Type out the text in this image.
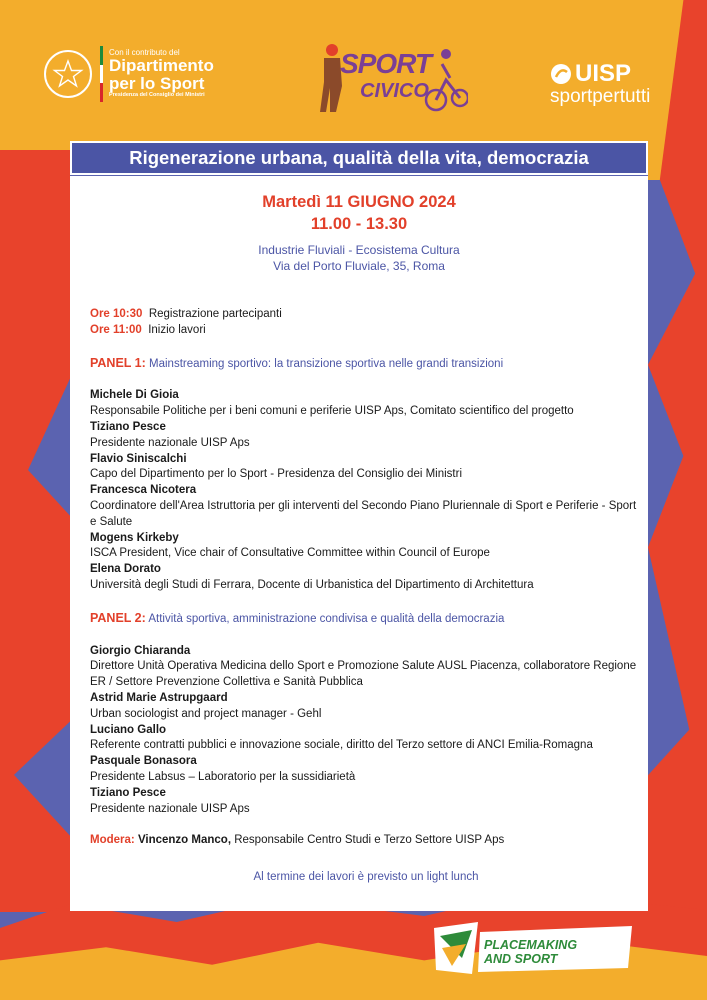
Con il contributo del
Dipartimento
per lo Sport
Presidenza del Consiglio dei Ministri
SPORT
CIVICO
UISP
sportpertutti
Rigenerazione urbana, qualità della vita, democrazia
Martedì 11 GIUGNO 2024
11.00 - 13.30
Industrie Fluviali - Ecosistema Cultura
Via del Porto Fluviale, 35, Roma
Ore 10:30 Registrazione partecipanti
Ore 11:00 Inizio lavori
PANEL 1: Mainstreaming sportivo: la transizione sportiva nelle grandi transizioni
Michele Di Gioia
Responsabile Politiche per i beni comuni e periferie UISP Aps, Comitato scientifico del progetto
Tiziano Pesce
Presidente nazionale UISP Aps
Flavio Siniscalchi
Capo del Dipartimento per lo Sport - Presidenza del Consiglio dei Ministri
Francesca Nicotera
Coordinatore dell'Area Istruttoria per gli interventi del Secondo Piano Pluriennale di Sport e Periferie - Sport e Salute
Mogens Kirkeby
ISCA President, Vice chair of Consultative Committee within Council of Europe
Elena Dorato
Università degli Studi di Ferrara, Docente di Urbanistica del Dipartimento di Architettura
PANEL 2: Attività sportiva, amministrazione condivisa e qualità della democrazia
Giorgio Chiaranda
Direttore Unità Operativa Medicina dello Sport e Promozione Salute AUSL Piacenza, collaboratore Regione ER / Settore Prevenzione Collettiva e Sanità Pubblica
Astrid Marie Astrupgaard
Urban sociologist and project manager - Gehl
Luciano Gallo
Referente contratti pubblici e innovazione sociale, diritto del Terzo settore di ANCI Emilia-Romagna
Pasquale Bonasora
Presidente Labsus – Laboratorio per la sussidiarietà
Tiziano Pesce
Presidente nazionale UISP Aps
Modera: Vincenzo Manco, Responsabile Centro Studi e Terzo Settore UISP Aps
Al termine dei lavori è previsto un light lunch
PLACEMAKING
AND SPORT
